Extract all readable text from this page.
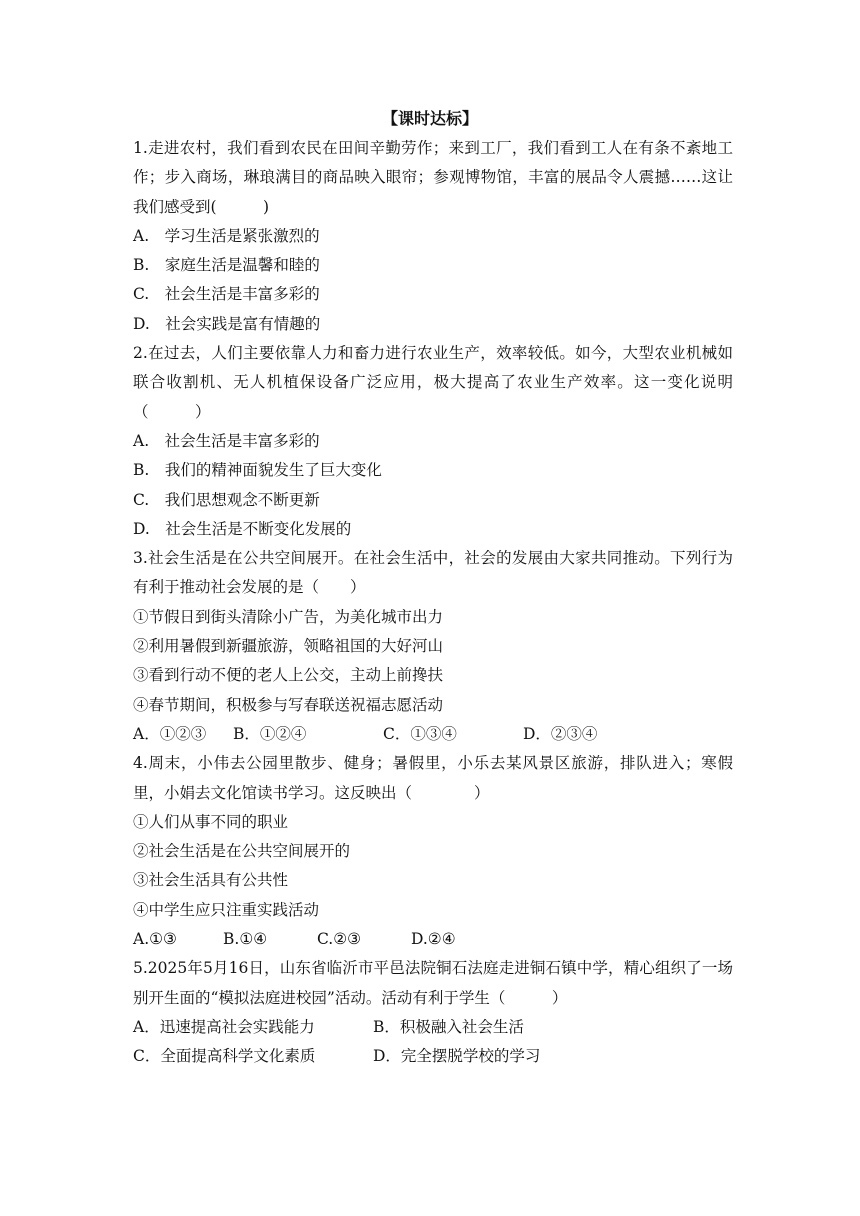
【课时达标】

1.走进农村，我们看到农民在田间辛勤劳作；来到工厂，我们看到工人在有条不紊地工作；步入商场，琳琅满目的商品映入眼帘；参观博物馆，丰富的展品令人震撼……这让我们感受到(　　　)

A.　学习生活是紧张激烈的

B.　家庭生活是温馨和睦的

C.　社会生活是丰富多彩的

D.　社会实践是富有情趣的

2.在过去，人们主要依靠人力和畜力进行农业生产，效率较低。如今，大型农业机械如联合收割机、无人机植保设备广泛应用，极大提高了农业生产效率。这一变化说明（　　　）

A.　社会生活是丰富多彩的

B.　我们的精神面貌发生了巨大变化

C.　我们思想观念不断更新

D.　社会生活是不断变化发展的

3.社会生活是在公共空间展开。在社会生活中，社会的发展由大家共同推动。下列行为有利于推动社会发展的是（　　）

①节假日到街头清除小广告，为美化城市出力

②利用暑假到新疆旅游，领略祖国的大好河山

③看到行动不便的老人上公交，主动上前搀扶

④春节期间，积极参与写春联送祝福志愿活动

A．①②③	B．①②④	C．①③④	D．②③④

4.周末，小伟去公园里散步、健身；暑假里，小乐去某风景区旅游，排队进入；寒假里，小娟去文化馆读书学习。这反映出（　　　　）

①人们从事不同的职业

②社会生活是在公共空间展开的

③社会生活具有公共性

④中学生应只注重实践活动

A.①③	B.①④	C.②③	D.②④

5.2025年5月16日，山东省临沂市平邑法院铜石法庭走进铜石镇中学，精心组织了一场别开生面的“模拟法庭进校园”活动。活动有利于学生（　　　）

A．迅速提高社会实践能力	B．积极融入社会生活
C．全面提高科学文化素质	D．完全摆脱学校的学习
